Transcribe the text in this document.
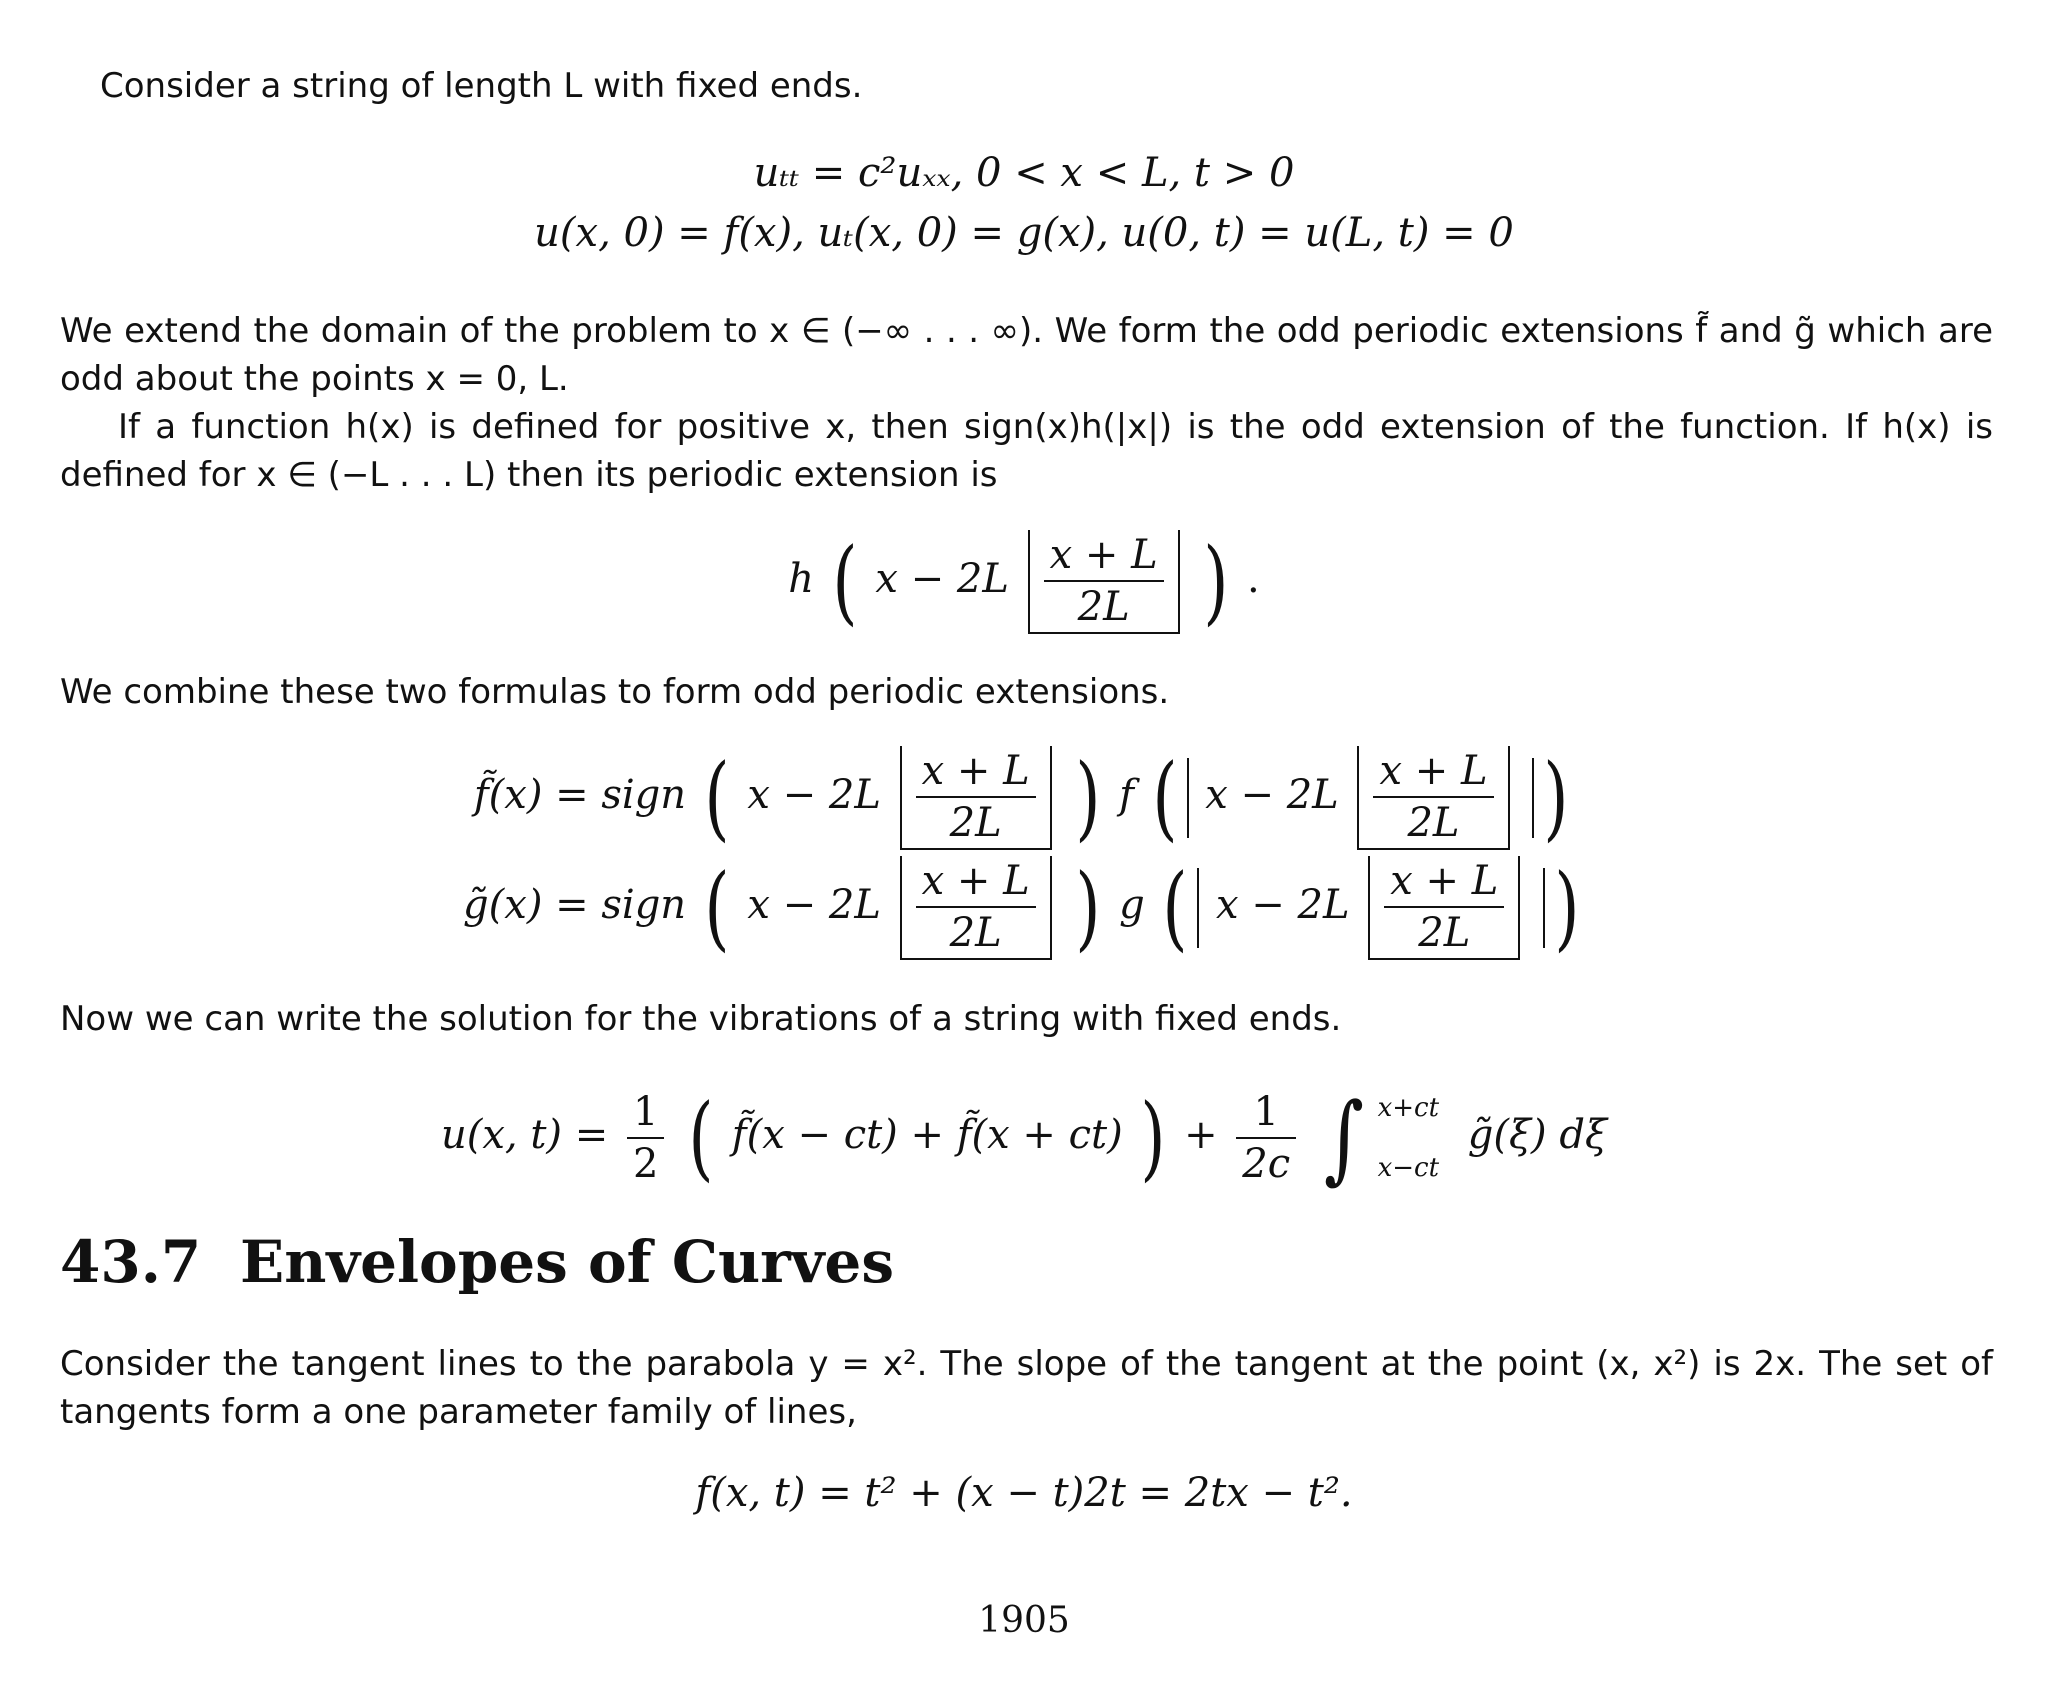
Consider a string of length L with fixed ends.

uₜₜ = c²uₓₓ, 0 < x < L, t > 0
u(x, 0) = f(x), uₜ(x, 0) = g(x), u(0, t) = u(L, t) = 0

We extend the domain of the problem to x ∈ (−∞ . . . ∞). We form the odd periodic extensions f̃ and g̃ which are odd about the points x = 0, L.

If a function h(x) is defined for positive x, then sign(x)h(|x|) is the odd extension of the function. If h(x) is defined for x ∈ (−L . . . L) then its periodic extension is

h ( $x - 2L \frac{x + L}{2L}$ ) .

We combine these two formulas to form odd periodic extensions.

f̃(x) = sign ( $x - 2L \frac{x + L}{2L}$ ) f ( $x - 2L \frac{x + L}{2L}$ )
g̃(x) = sign ( $x - 2L \frac{x + L}{2L}$ ) g ( $x - 2L \frac{x + L}{2L}$ )

Now we can write the solution for the vibrations of a string with fixed ends.

u(x, $t) = \frac{1}{2}$ ( f̃(x − ct) + f̃(x + ct) ) + $\frac{1}{2c}$ ∫ x+ct
x−ct
g̃(ξ) dξ
43.7 Envelopes of Curves

Consider the tangent lines to the parabola y = x². The slope of the tangent at the point (x, x²) is 2x. The set of tangents form a one parameter family of lines,

f(x, t) = t² + (x − t)2t = 2tx − t².
1905
